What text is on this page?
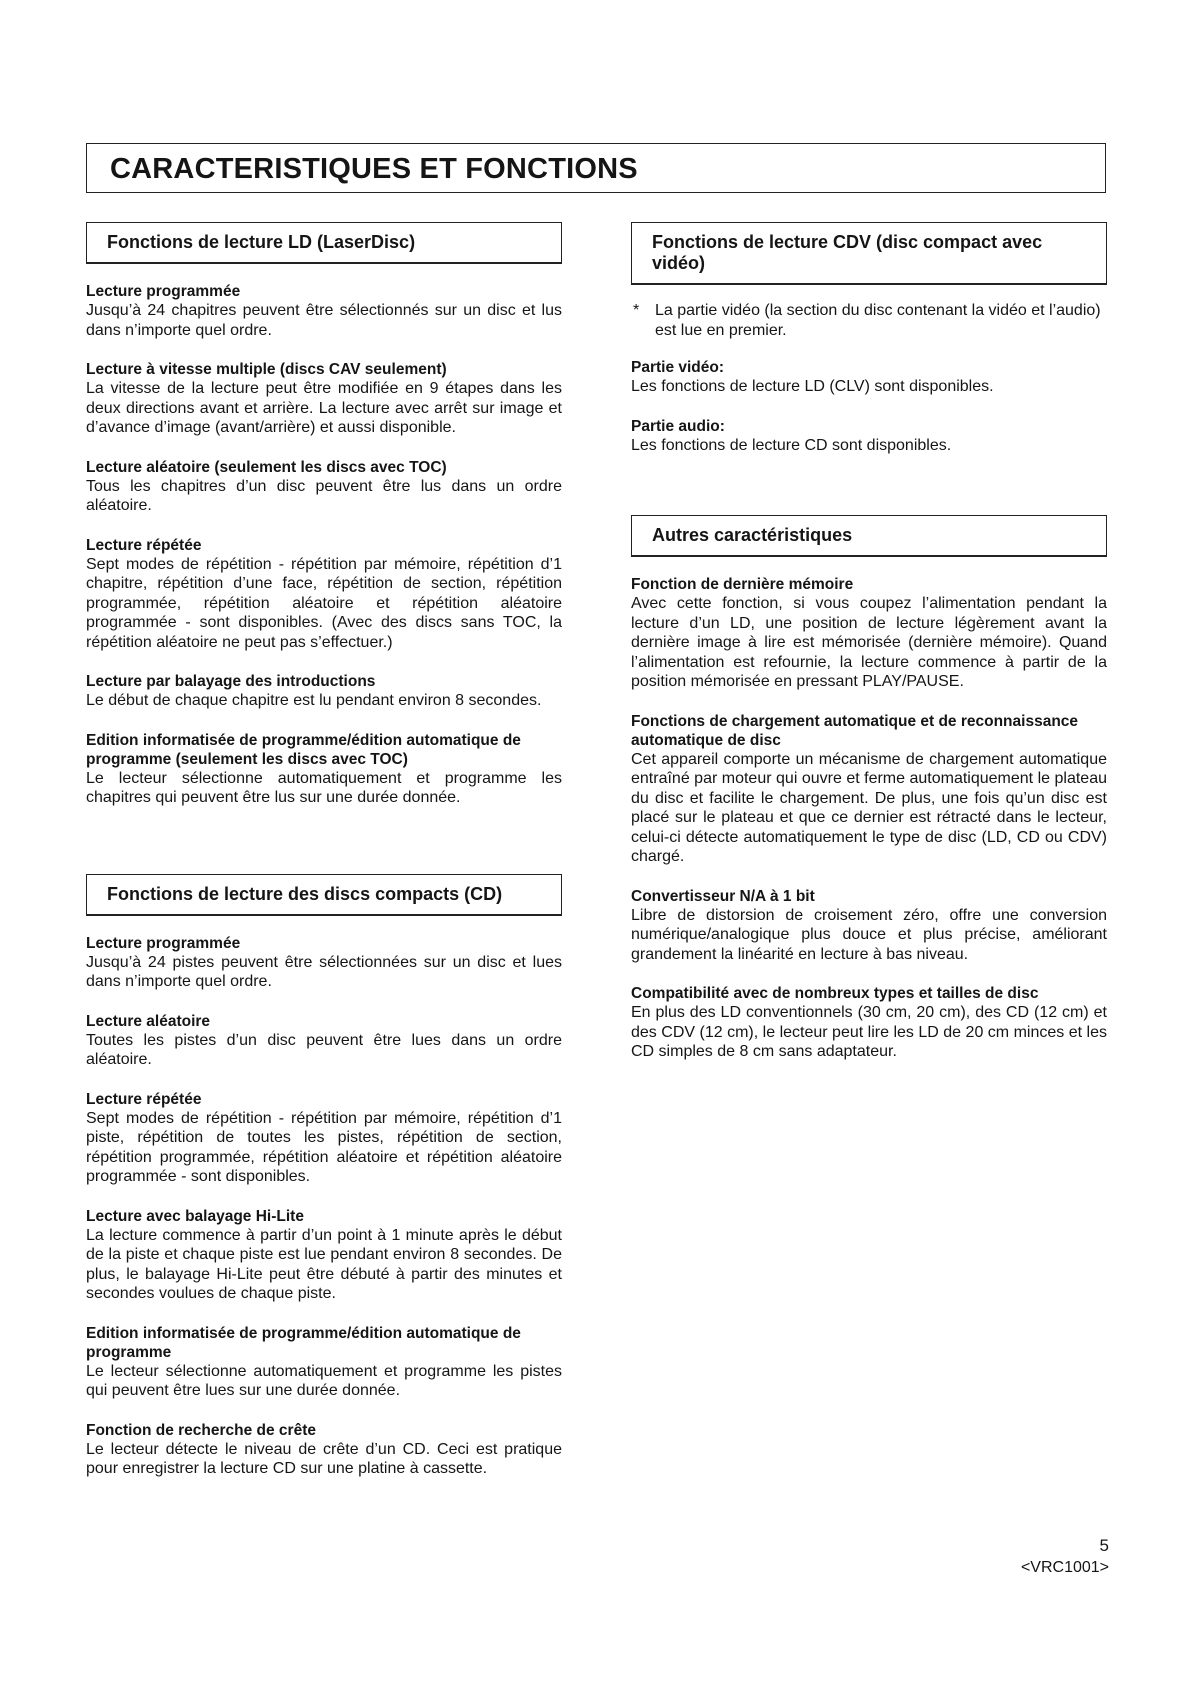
CARACTERISTIQUES ET FONCTIONS
Fonctions de lecture LD (LaserDisc)
Lecture programmée

Jusqu’à 24 chapitres peuvent être sélectionnés sur un disc et lus dans n’importe quel ordre.

Lecture à vitesse multiple (discs CAV seulement)

La vitesse de la lecture peut être modifiée en 9 étapes dans les deux directions avant et arrière. La lecture avec arrêt sur image et d’avance d’image (avant/arrière) et aussi disponible.

Lecture aléatoire (seulement les discs avec TOC)

Tous les chapitres d’un disc peuvent être lus dans un ordre aléatoire.

Lecture répétée

Sept modes de répétition - répétition par mémoire, répétition d’1 chapitre, répétition d’une face, répétition de section, répétition programmée, répétition aléatoire et répétition aléatoire programmée - sont disponibles. (Avec des discs sans TOC, la répétition aléatoire ne peut pas s’effectuer.)

Lecture par balayage des introductions

Le début de chaque chapitre est lu pendant environ 8 secondes.

Edition informatisée de programme/édition automatique de programme (seulement les discs avec TOC)

Le lecteur sélectionne automatiquement et programme les chapitres qui peuvent être lus sur une durée donnée.

Fonctions de lecture des discs compacts (CD)
Lecture programmée

Jusqu’à 24 pistes peuvent être sélectionnées sur un disc et lues dans n’importe quel ordre.

Lecture aléatoire

Toutes les pistes d’un disc peuvent être lues dans un ordre aléatoire.

Lecture répétée

Sept modes de répétition - répétition par mémoire, répétition d’1 piste, répétition de toutes les pistes, répétition de section, répétition programmée, répétition aléatoire et répétition aléatoire programmée - sont disponibles.

Lecture avec balayage Hi-Lite

La lecture commence à partir d’un point à 1 minute après le début de la piste et chaque piste est lue pendant environ 8 secondes. De plus, le balayage Hi-Lite peut être débuté à partir des minutes et secondes voulues de chaque piste.

Edition informatisée de programme/édition automatique de programme

Le lecteur sélectionne automatiquement et programme les pistes qui peuvent être lues sur une durée donnée.

Fonction de recherche de crête

Le lecteur détecte le niveau de crête d’un CD. Ceci est pratique pour enregistrer la lecture CD sur une platine à cassette.

Fonctions de lecture CDV (disc compact avec vidéo)
* La partie vidéo (la section du disc contenant la vidéo et l’audio) est lue en premier.
Partie vidéo:

Les fonctions de lecture LD (CLV) sont disponibles.

Partie audio:

Les fonctions de lecture CD sont disponibles.

Autres caractéristiques
Fonction de dernière mémoire

Avec cette fonction, si vous coupez l’alimentation pendant la lecture d’un LD, une position de lecture légèrement avant la dernière image à lire est mémorisée (dernière mémoire). Quand l’alimentation est refournie, la lecture commence à partir de la position mémorisée en pressant PLAY/PAUSE.

Fonctions de chargement automatique et de reconnaissance automatique de disc

Cet appareil comporte un mécanisme de chargement automatique entraîné par moteur qui ouvre et ferme automatiquement le plateau du disc et facilite le chargement. De plus, une fois qu’un disc est placé sur le plateau et que ce dernier est rétracté dans le lecteur, celui-ci détecte automatiquement le type de disc (LD, CD ou CDV) chargé.

Convertisseur N/A à 1 bit

Libre de distorsion de croisement zéro, offre une conversion numérique/analogique plus douce et plus précise, améliorant grandement la linéarité en lecture à bas niveau.

Compatibilité avec de nombreux types et tailles de disc

En plus des LD conventionnels (30 cm, 20 cm), des CD (12 cm) et des CDV (12 cm), le lecteur peut lire les LD de 20 cm minces et les CD simples de 8 cm sans adaptateur.

5
<VRC1001>
